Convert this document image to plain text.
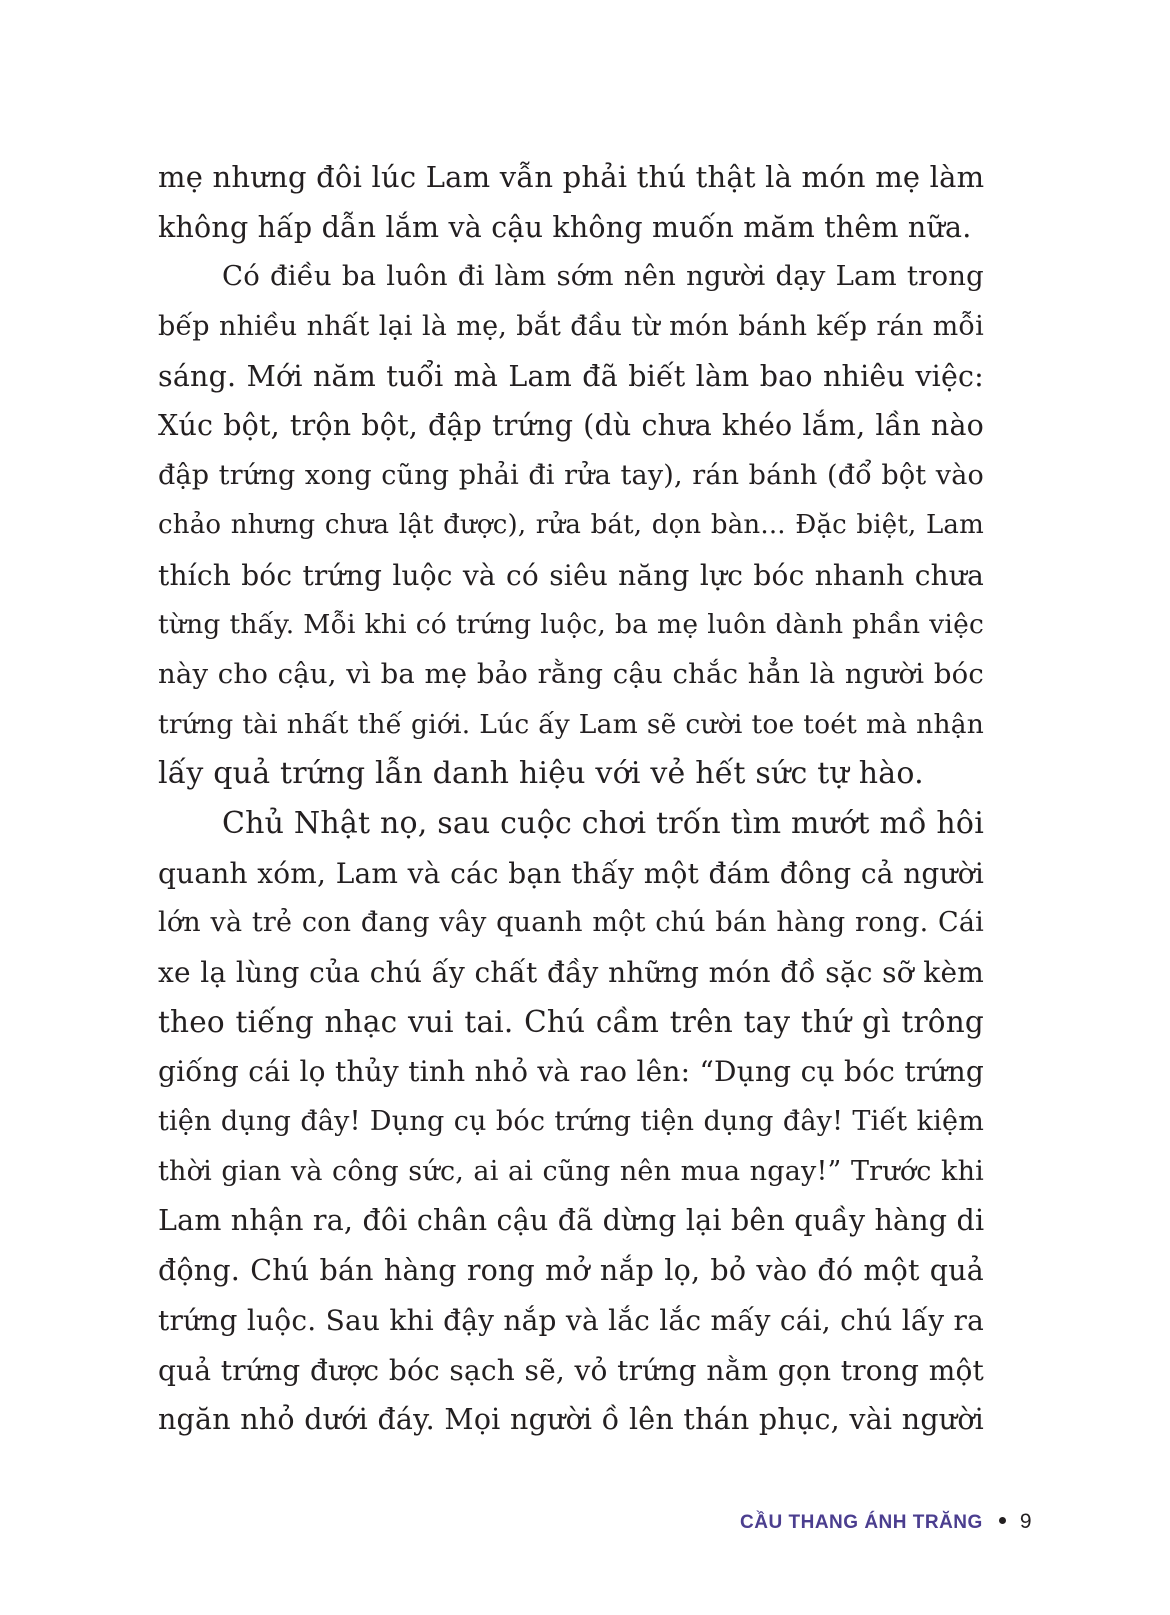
mẹ nhưng đôi lúc Lam vẫn phải thú thật là món mẹ làm
không hấp dẫn lắm và cậu không muốn măm thêm nữa.
Có điều ba luôn đi làm sớm nên người dạy Lam trong
bếp nhiều nhất lại là mẹ, bắt đầu từ món bánh kếp rán mỗi
sáng. Mới năm tuổi mà Lam đã biết làm bao nhiêu việc:
Xúc bột, trộn bột, đập trứng (dù chưa khéo lắm, lần nào
đập trứng xong cũng phải đi rửa tay), rán bánh (đổ bột vào
chảo nhưng chưa lật được), rửa bát, dọn bàn... Đặc biệt, Lam
thích bóc trứng luộc và có siêu năng lực bóc nhanh chưa
từng thấy. Mỗi khi có trứng luộc, ba mẹ luôn dành phần việc
này cho cậu, vì ba mẹ bảo rằng cậu chắc hẳn là người bóc
trứng tài nhất thế giới. Lúc ấy Lam sẽ cười toe toét mà nhận
lấy quả trứng lẫn danh hiệu với vẻ hết sức tự hào.
Chủ Nhật nọ, sau cuộc chơi trốn tìm mướt mồ hôi
quanh xóm, Lam và các bạn thấy một đám đông cả người
lớn và trẻ con đang vây quanh một chú bán hàng rong. Cái
xe lạ lùng của chú ấy chất đầy những món đồ sặc sỡ kèm
theo tiếng nhạc vui tai. Chú cầm trên tay thứ gì trông
giống cái lọ thủy tinh nhỏ và rao lên: “Dụng cụ bóc trứng
tiện dụng đây! Dụng cụ bóc trứng tiện dụng đây! Tiết kiệm
thời gian và công sức, ai ai cũng nên mua ngay!” Trước khi
Lam nhận ra, đôi chân cậu đã dừng lại bên quầy hàng di
động. Chú bán hàng rong mở nắp lọ, bỏ vào đó một quả
trứng luộc. Sau khi đậy nắp và lắc lắc mấy cái, chú lấy ra
quả trứng được bóc sạch sẽ, vỏ trứng nằm gọn trong một
ngăn nhỏ dưới đáy. Mọi người ồ lên thán phục, vài người
CẦU THANG ÁNH TRĂNG 9
